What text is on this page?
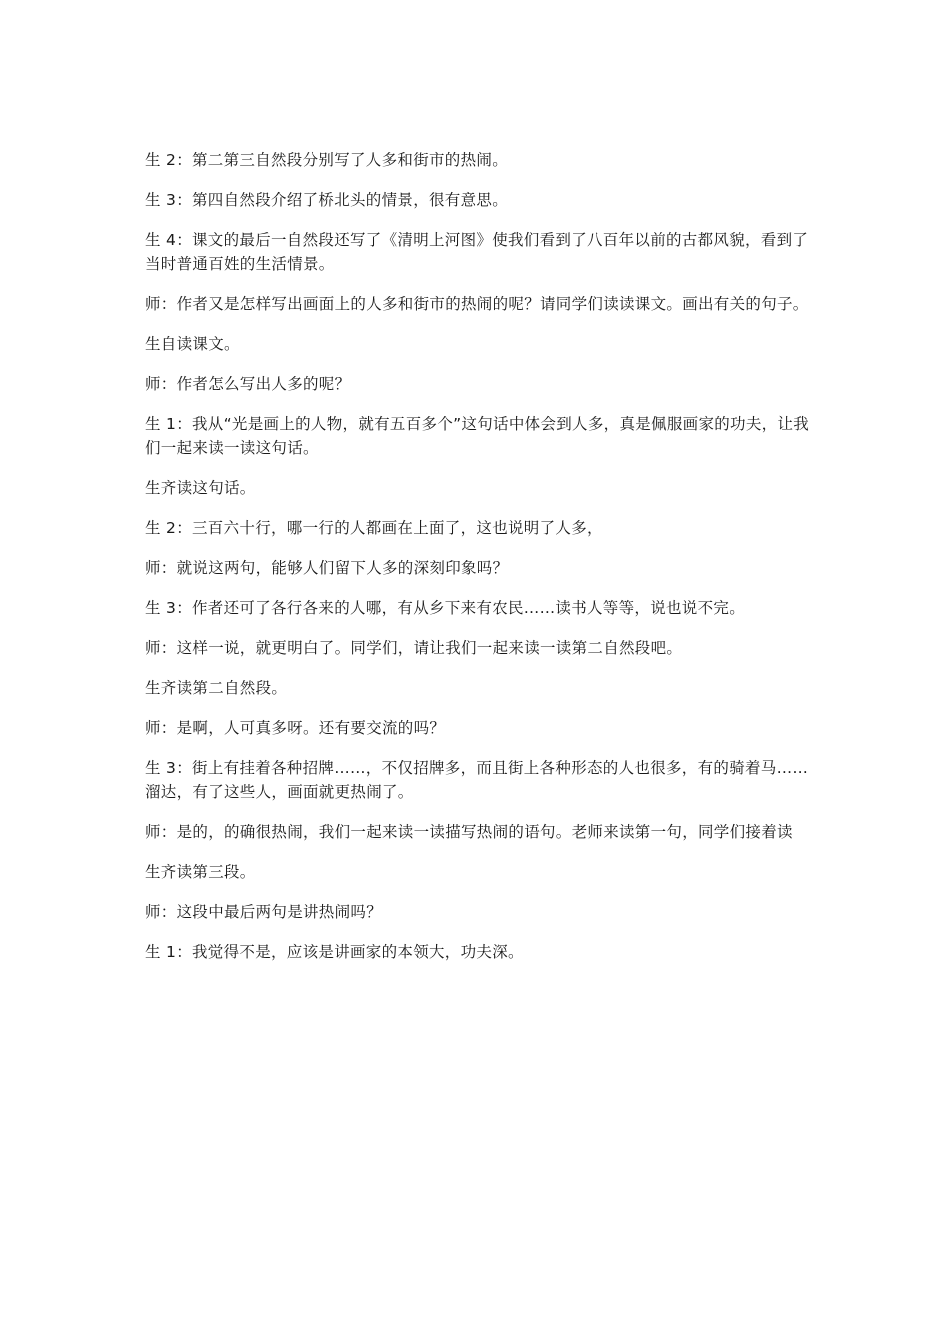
生 2：第二第三自然段分别写了人多和街市的热闹。

生 3：第四自然段介绍了桥北头的情景，很有意思。

生 4：课文的最后一自然段还写了《清明上河图》使我们看到了八百年以前的古都风貌，看到了当时普通百姓的生活情景。

师：作者又是怎样写出画面上的人多和街市的热闹的呢？请同学们读读课文。画出有关的句子。

生自读课文。

师：作者怎么写出人多的呢？

生 1：我从“光是画上的人物，就有五百多个”这句话中体会到人多，真是佩服画家的功夫，让我们一起来读一读这句话。

生齐读这句话。

生 2：三百六十行，哪一行的人都画在上面了，这也说明了人多，

师：就说这两句，能够人们留下人多的深刻印象吗？

生 3：作者还可了各行各来的人哪，有从乡下来有农民……读书人等等，说也说不完。

师：这样一说，就更明白了。同学们，请让我们一起来读一读第二自然段吧。

生齐读第二自然段。

师：是啊，人可真多呀。还有要交流的吗？

生 3：街上有挂着各种招牌……，不仅招牌多，而且街上各种形态的人也很多，有的骑着马……溜达，有了这些人，画面就更热闹了。

师：是的，的确很热闹，我们一起来读一读描写热闹的语句。老师来读第一句，同学们接着读

生齐读第三段。

师：这段中最后两句是讲热闹吗？

生 1：我觉得不是，应该是讲画家的本领大，功夫深。
